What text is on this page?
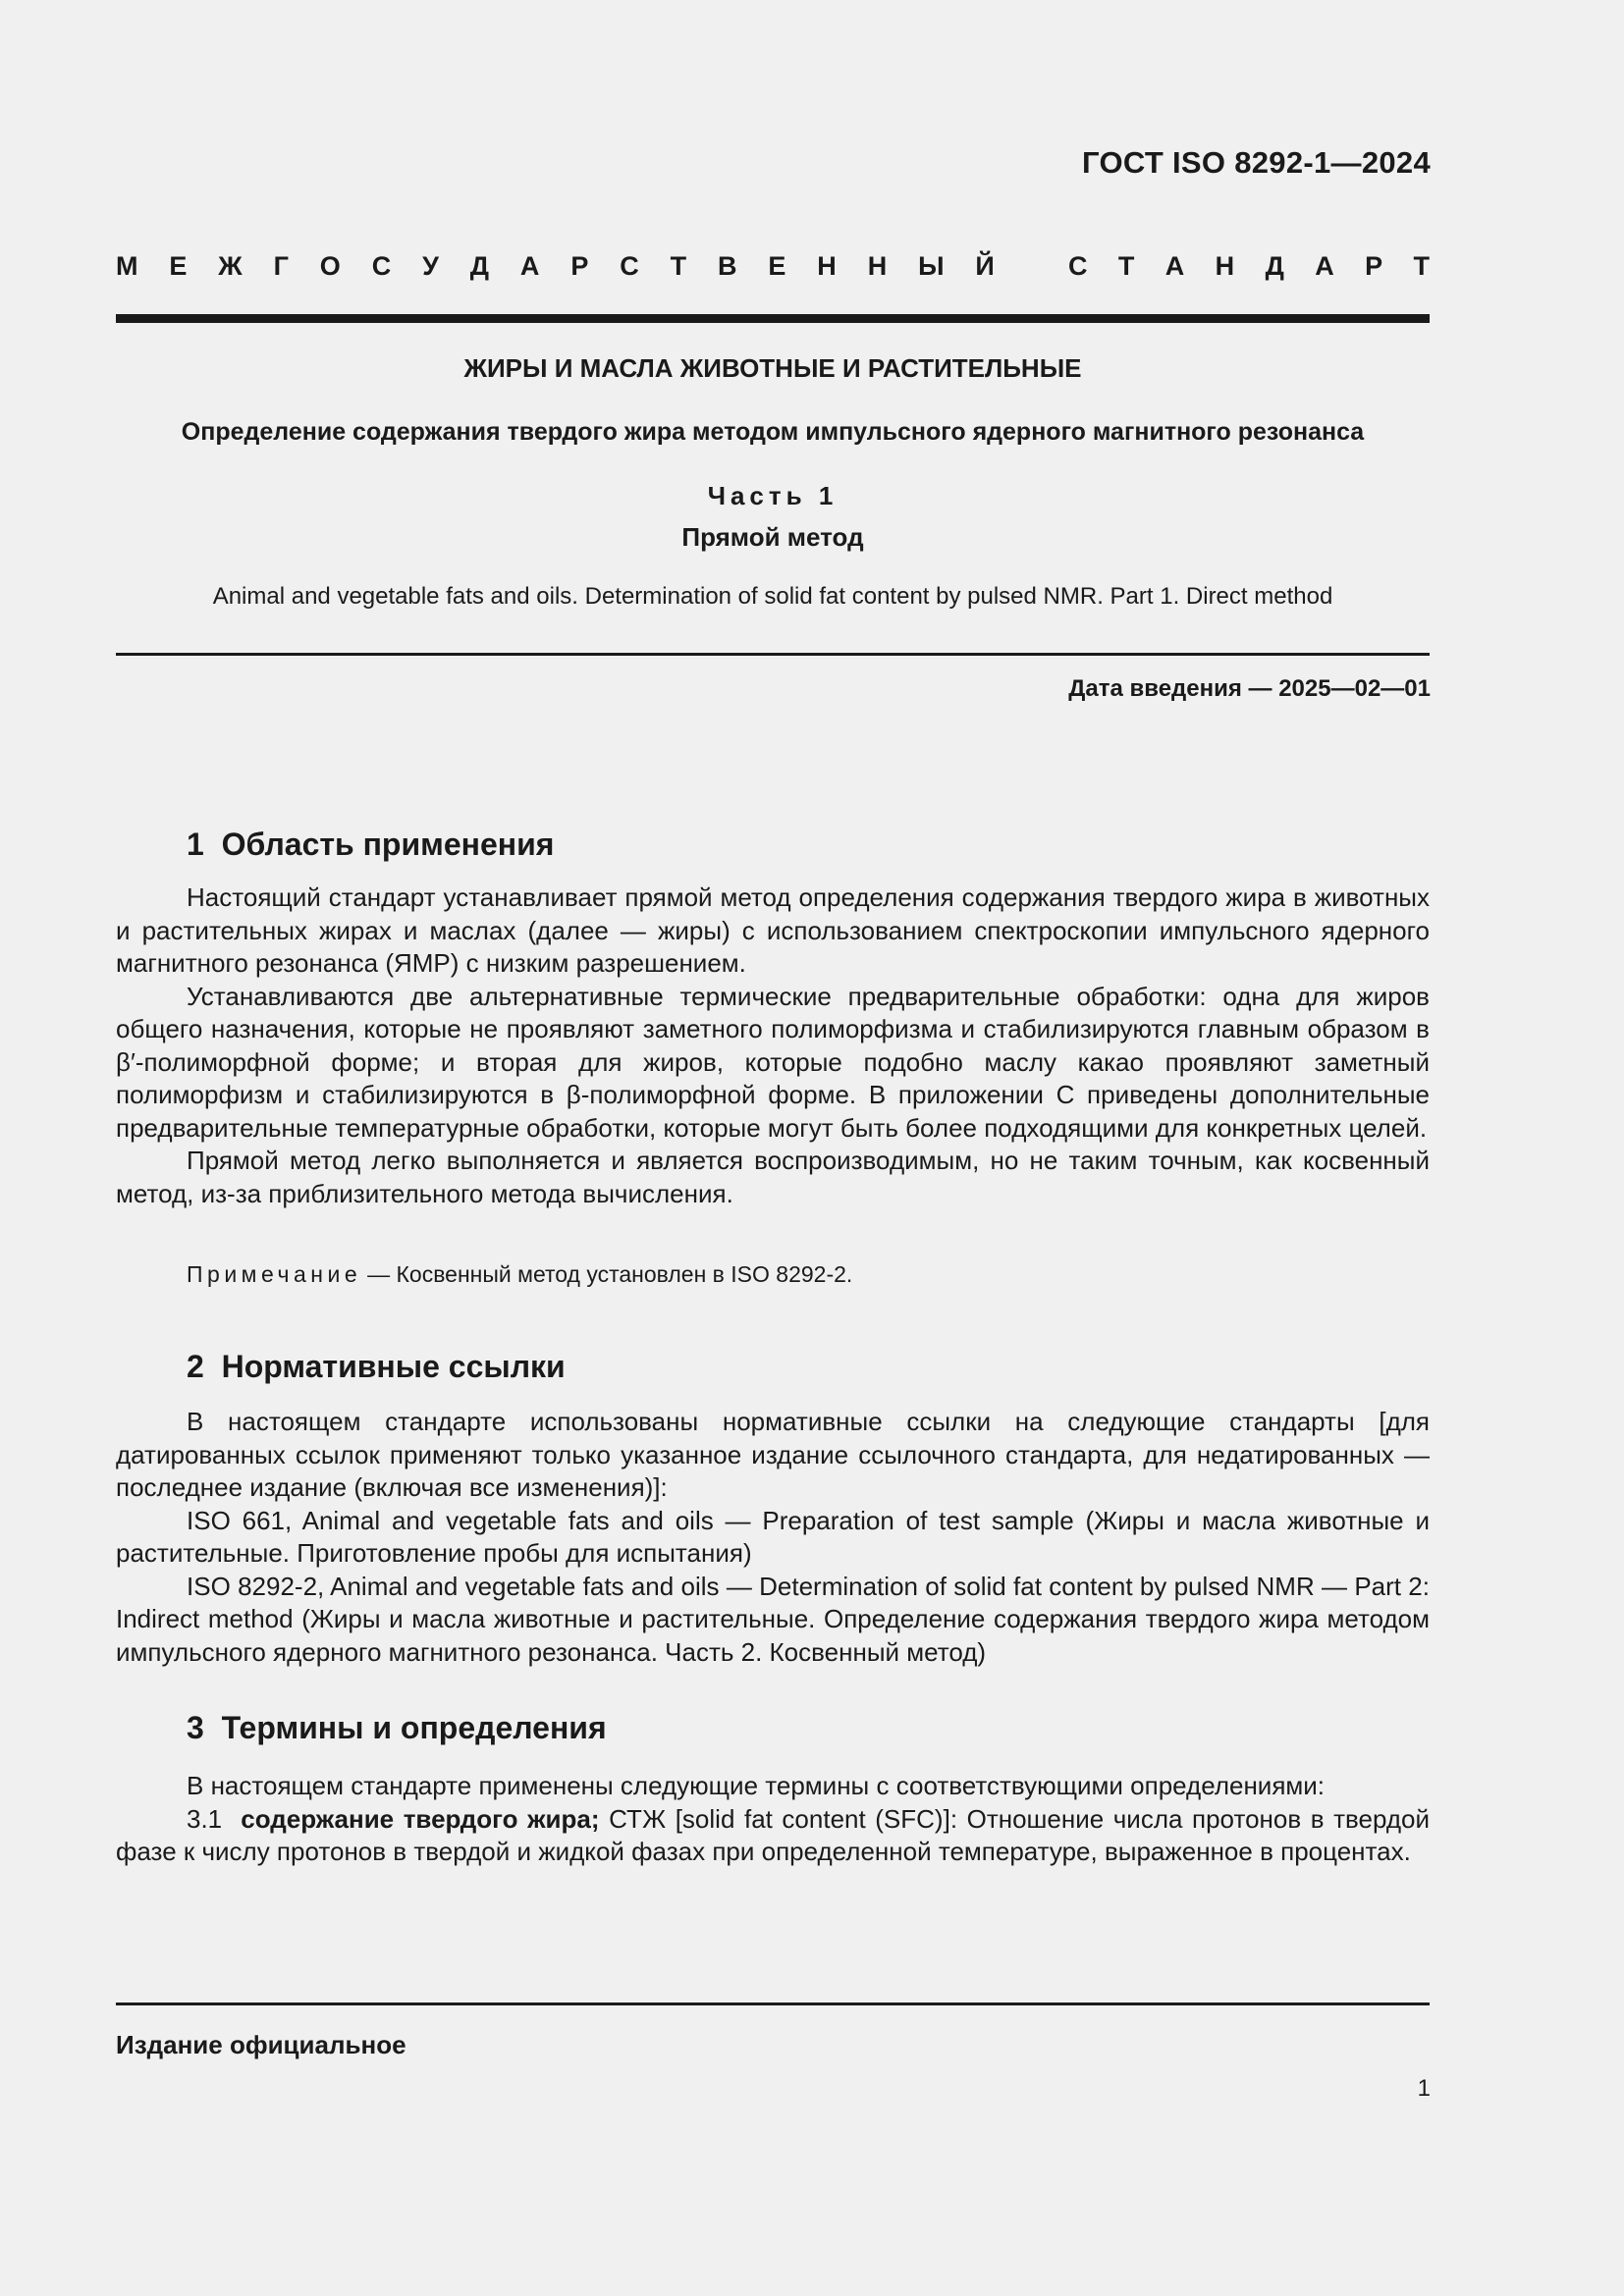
ГОСТ ISO 8292-1—2024
М Е Ж Г О С У Д А Р С Т В Е Н Н Ы Й	С Т А Н Д А Р Т
ЖИРЫ И МАСЛА ЖИВОТНЫЕ И РАСТИТЕЛЬНЫЕ
Определение содержания твердого жира методом импульсного ядерного магнитного резонанса
Часть 1
Прямой метод
Animal and vegetable fats and oils. Determination of solid fat content by pulsed NMR. Part 1. Direct method
Дата введения — 2025—02—01
1  Область применения

Настоящий стандарт устанавливает прямой метод определения содержания твердого жира в животных и растительных жирах и маслах (далее — жиры) с использованием спектроскопии импульсного ядерного магнитного резонанса (ЯМР) с низким разрешением.

Устанавливаются две альтернативные термические предварительные обработки: одна для жиров общего назначения, которые не проявляют заметного полиморфизма и стабилизируются главным образом в β′-полиморфной форме; и вторая для жиров, которые подобно маслу какао проявляют заметный полиморфизм и стабилизируются в β-полиморфной форме. В приложении С приведены дополнительные предварительные температурные обработки, которые могут быть более подходящими для конкретных целей.

Прямой метод легко выполняется и является воспроизводимым, но не таким точным, как косвенный метод, из-за приблизительного метода вычисления.

Примечание — Косвенный метод установлен в ISO 8292-2.
2  Нормативные ссылки

В настоящем стандарте использованы нормативные ссылки на следующие стандарты [для датированных ссылок применяют только указанное издание ссылочного стандарта, для недатированных — последнее издание (включая все изменения)]:

ISO 661, Animal and vegetable fats and oils — Preparation of test sample (Жиры и масла животные и растительные. Приготовление пробы для испытания)

ISO 8292-2, Animal and vegetable fats and oils — Determination of solid fat content by pulsed NMR — Part 2: Indirect method (Жиры и масла животные и растительные. Определение содержания твердого жира методом импульсного ядерного магнитного резонанса. Часть 2. Косвенный метод)

3  Термины и определения

В настоящем стандарте применены следующие термины с соответствующими определениями:

3.1 содержание твердого жира; СТЖ [solid fat content (SFC)]: Отношение числа протонов в твердой фазе к числу протонов в твердой и жидкой фазах при определенной температуре, выраженное в процентах.

Издание официальное
1
